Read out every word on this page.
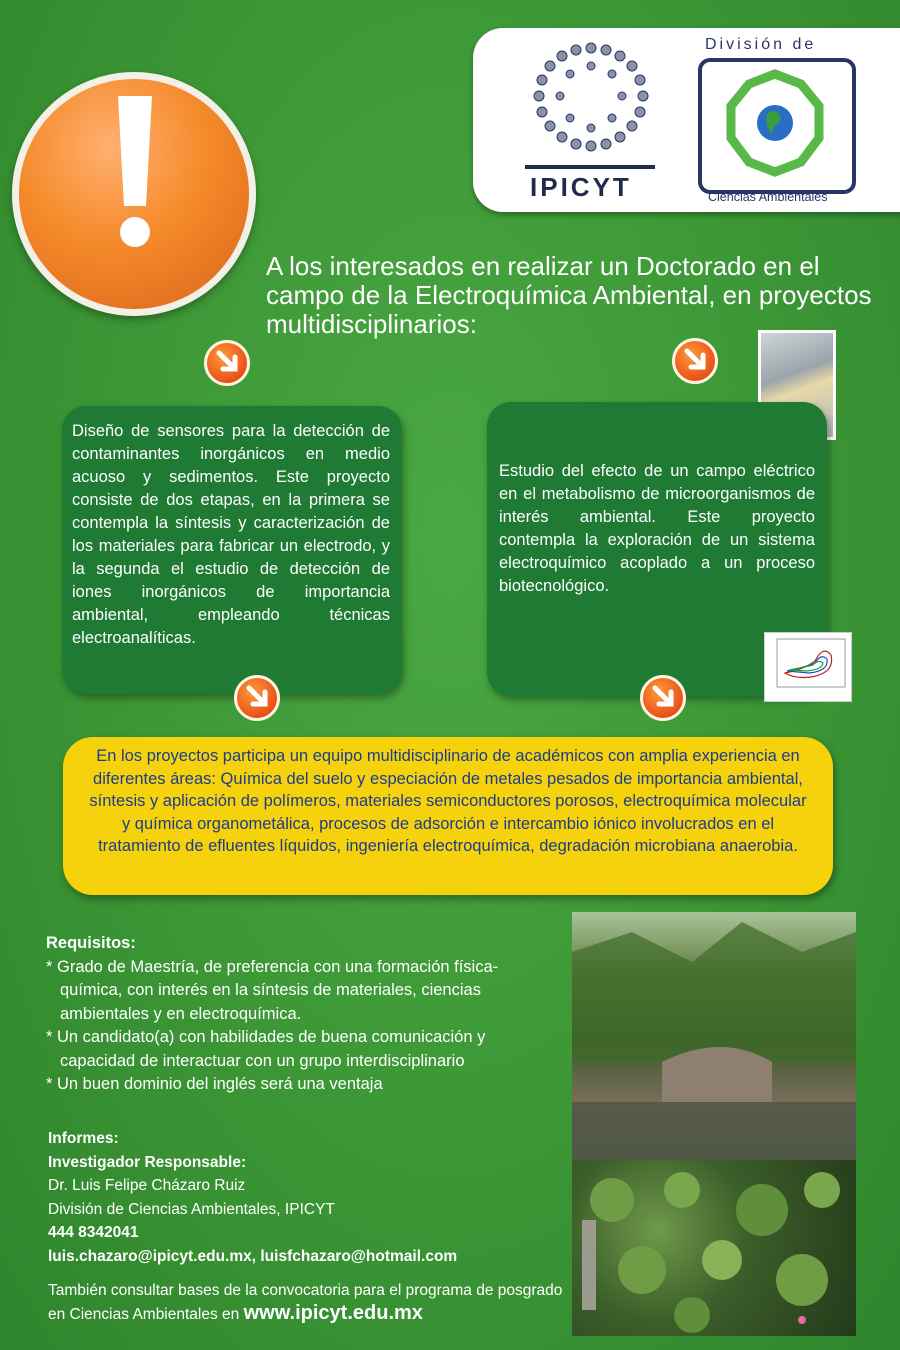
IPICYT
División de
Ciencias Ambientales
A los interesados en realizar un Doctorado en el campo de la Electroquímica Ambiental, en proyectos multidisciplinarios:
Diseño de sensores para la detección de contaminantes inorgánicos en medio acuoso y sedimentos. Este proyecto consiste de dos etapas, en la primera se contempla la síntesis y caracterización de los materiales para fabricar un electrodo, y la segunda el estudio de detección de iones inorgánicos de importancia ambiental, empleando técnicas electroanalíticas.
Estudio del efecto de un campo eléctrico en el metabolismo de microorganismos de interés ambiental. Este proyecto contempla la exploración de un sistema electroquímico acoplado a un proceso biotecnológico.
En los proyectos participa un equipo multidisciplinario de académicos con amplia experiencia en diferentes áreas: Química del suelo y especiación de metales pesados de importancia ambiental, síntesis y aplicación de polímeros, materiales semiconductores porosos, electroquímica molecular y química organometálica, procesos de adsorción e intercambio iónico involucrados en el tratamiento de efluentes líquidos, ingeniería electroquímica, degradación microbiana anaerobia.
Requisitos:
* Grado de Maestría, de preferencia con una formación física-química, con interés en la síntesis de materiales, ciencias ambientales y en electroquímica.
* Un candidato(a) con habilidades de buena comunicación y capacidad de interactuar con un grupo interdisciplinario
* Un buen dominio del inglés será una ventaja
Informes:
Investigador Responsable:
Dr. Luis Felipe Cházaro Ruiz
División de Ciencias Ambientales, IPICYT
444 8342041
luis.chazaro@ipicyt.edu.mx, luisfchazaro@hotmail.com
También consultar bases de la convocatoria para el programa de posgrado en Ciencias Ambientales en www.ipicyt.edu.mx
